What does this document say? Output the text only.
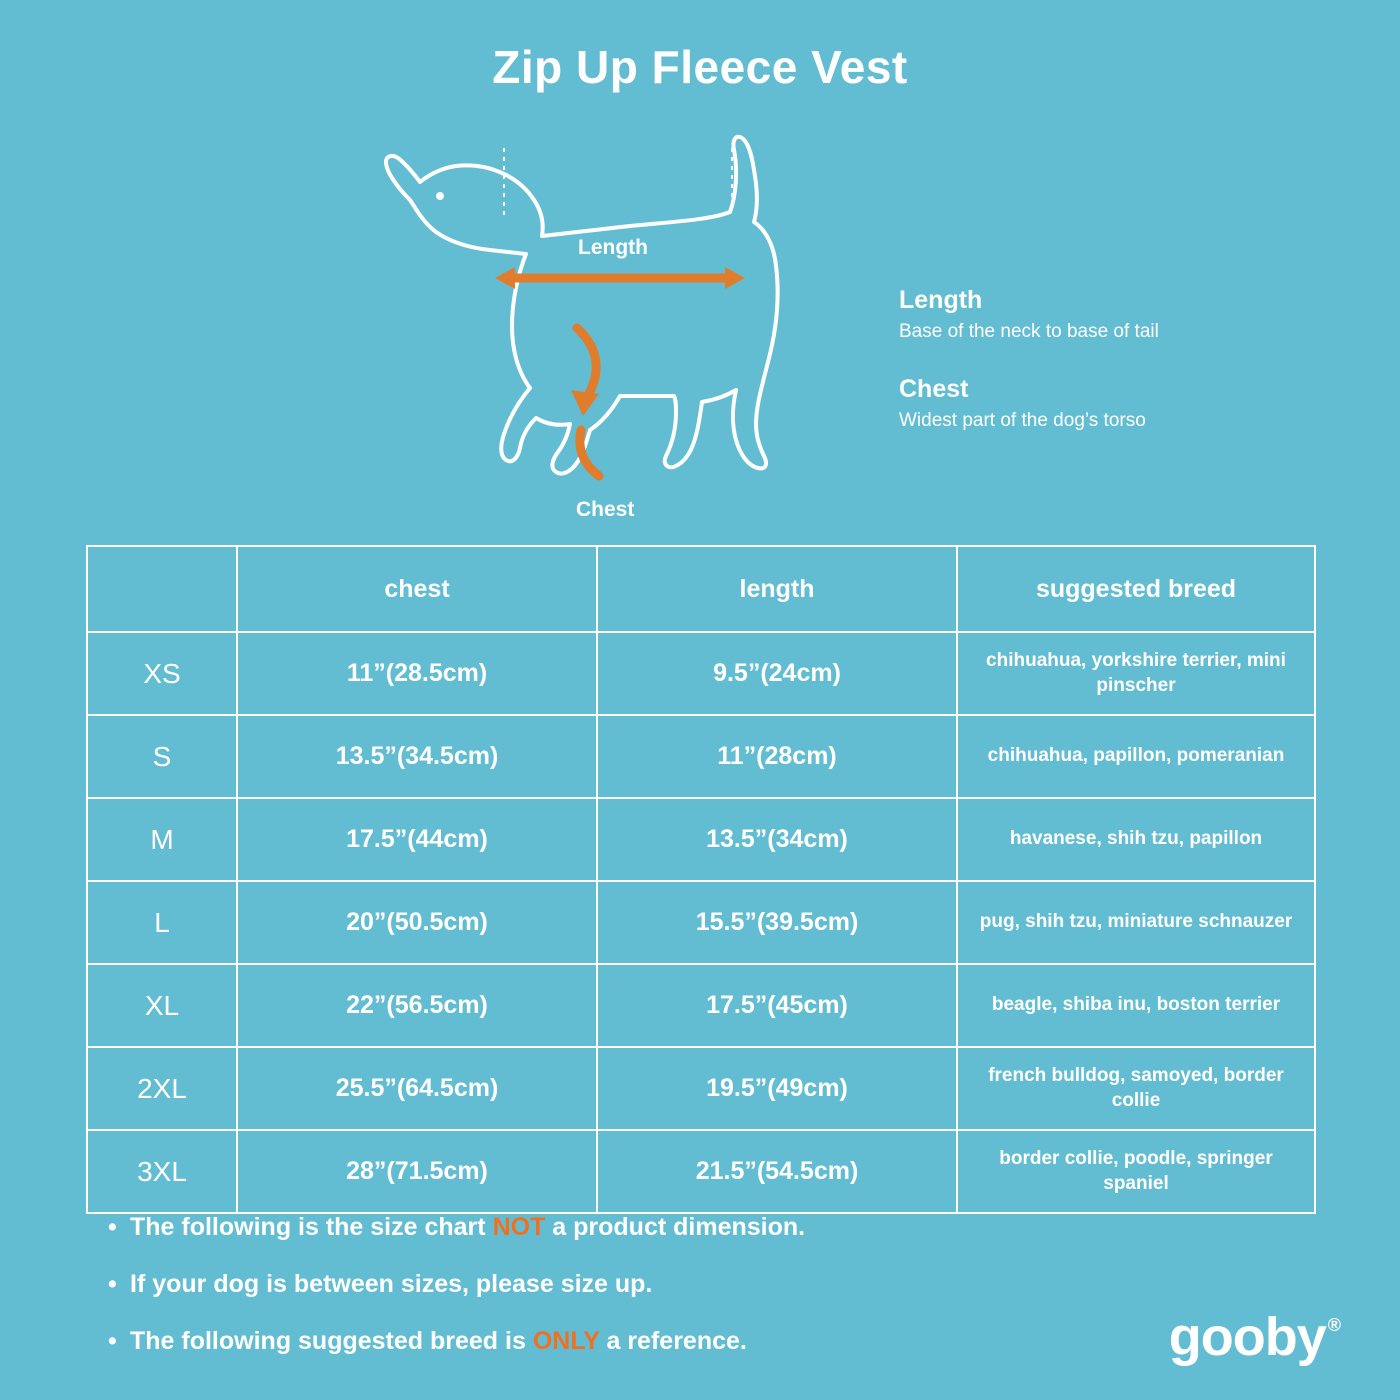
Zip Up Fleece Vest
Length
Chest
Length

Base of the neck to base of tail

Chest

Widest part of the dog’s torso

	chest	length	suggested breed
XS	11”(28.5cm)	9.5”(24cm)	chihuahua, yorkshire terrier, mini pinscher
S	13.5”(34.5cm)	11”(28cm)	chihuahua, papillon, pomeranian
M	17.5”(44cm)	13.5”(34cm)	havanese, shih tzu, papillon
L	20”(50.5cm)	15.5”(39.5cm)	pug, shih tzu, miniature schnauzer
XL	22”(56.5cm)	17.5”(45cm)	beagle, shiba inu, boston terrier
2XL	25.5”(64.5cm)	19.5”(49cm)	french bulldog, samoyed, border collie
3XL	28”(71.5cm)	21.5”(54.5cm)	border collie, poodle, springer spaniel
• The following is the size chart NOT a product dimension.
• If your dog is between sizes, please size up.
• The following suggested breed is ONLY a reference.	gooby ®
